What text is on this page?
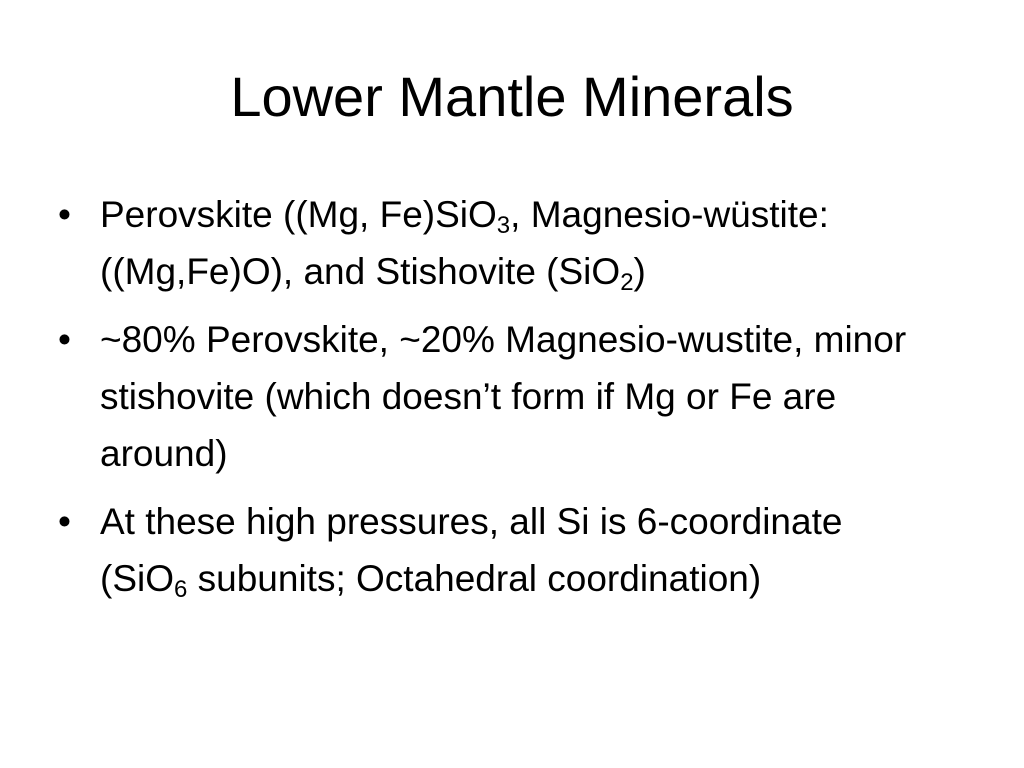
Lower Mantle Minerals
• Perovskite ((Mg, Fe)SiO$_3$, Magnesio-wüstite: ((Mg,Fe)O), and Stishovite (SiO$_2$)
• ~80% Perovskite, ~20% Magnesio-wustite, minor stishovite (which doesn’t form if Mg or Fe are around)
• At these high pressures, all Si is 6-coordinate (SiO$_6$ subunits; Octahedral coordination)
